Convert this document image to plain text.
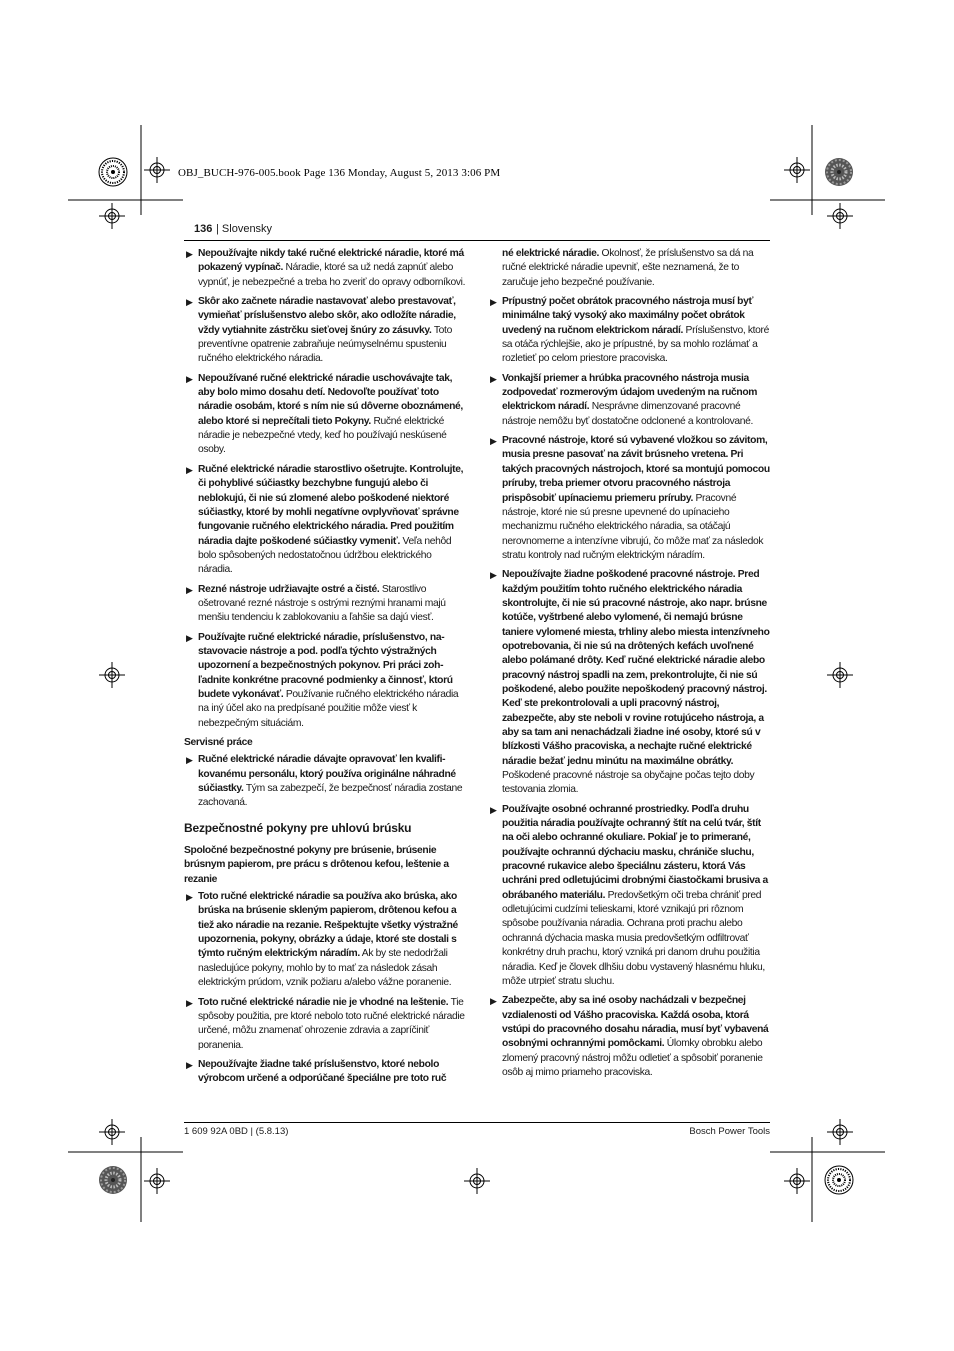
OBJ_BUCH-976-005.book Page 136 Monday, August 5, 2013 3:06 PM
136
| Slovensky
▶ Nepoužívajte nikdy také ručné elektrické náradie, ktoré má pokazený vypínač. Náradie, ktoré sa už nedá zapnúť alebo vypnúť, je nebezpečné a treba ho zveriť do opravy odborníkovi.
▶ Skôr ako začnete náradie nastavovať alebo prestavovať, vymieňať príslušenstvo alebo skôr, ako odložíte náradie, vždy vytiahnite zástrčku sieťovej šnúry zo zásuvky. Toto preventívne opatrenie zabraňuje neúmyselnému spusteniu ručného elektrického náradia.
▶ Nepoužívané ručné elektrické náradie uschovávajte tak, aby bolo mimo dosahu detí. Nedovoľte používať toto náradie osobám, ktoré s ním nie sú dôverne oboznámené, alebo ktoré si neprečítali tieto Pokyny. Ručné elektrické náradie je nebezpečné vtedy, keď ho používajú neskúsené osoby.
▶ Ručné elektrické náradie starostlivo ošetrujte. Kontrolujte, či pohyblivé súčiastky bezchybne fungujú alebo či neblokujú, či nie sú zlomené alebo poškodené niektoré súčiastky, ktoré by mohli negatívne ovplyvňovať správne fungovanie ručného elektrického náradia. Pred použitím náradia dajte poškodené súčiastky vymeniť. Veľa nehôd bolo spôsobených nedostatočnou údržbou elektrického náradia.
▶ Rezné nástroje udržiavajte ostré a čisté. Starostlivo ošetrované rezné nástroje s ostrými reznými hranami majú menšiu tendenciu k zablokovaniu a ľahšie sa dajú viesť.
▶ Používajte ručné elektrické náradie, príslušenstvo, nastavovacie nástroje a pod. podľa týchto výstražných upozornení a bezpečnostných pokynov. Pri práci zohľadnite konkrétne pracovné podmienky a činnosť, ktorú budete vykonávať. Používanie ručného elektrického náradia na iný účel ako na predpísané použitie môže viesť k nebezpečným situáciám.
Servisné práce
▶ Ručné elektrické náradie dávajte opravovať len kvalifikovanému personálu, ktorý používa originálne náhradné súčiastky. Tým sa zabezpečí, že bezpečnosť náradia zostane zachovaná.
Bezpečnostné pokyny pre uhlovú brúsku
Spoločné bezpečnostné pokyny pre brúsenie, brúsenie brúsnym papierom, pre prácu s drôtenou kefou, leštenie a rezanie
▶ Toto ručné elektrické náradie sa používa ako brúska, ako brúska na brúsenie skleným papierom, drôtenou kefou a tiež ako náradie na rezanie. Rešpektujte všetky výstražné upozornenia, pokyny, obrázky a údaje, ktoré ste dostali s týmto ručným elektrickým náradím. Ak by ste nedodržali nasledujúce pokyny, mohlo by to mať za následok zásah elektrickým prúdom, vznik požiaru a/alebo vážne poranenie.
▶ Toto ručné elektrické náradie nie je vhodné na leštenie. Tie spôsoby použitia, pre ktoré nebolo toto ručné elektrické náradie určené, môžu znamenať ohrozenie zdravia a zapríčiniť poranenia.
▶ Nepoužívajte žiadne také príslušenstvo, ktoré nebolo výrobcom určené a odporúčané špeciálne pre toto ruč
né elektrické náradie. Okolnosť, že príslušenstvo sa dá na ručné elektrické náradie upevniť, ešte neznamená, že to zaručuje jeho bezpečné používanie.
▶ Prípustný počet obrátok pracovného nástroja musí byť minimálne taký vysoký ako maximálny počet obrátok uvedený na ručnom elektrickom náradí. Príslušenstvo, ktoré sa otáča rýchlejšie, ako je prípustné, by sa mohlo rozlámať a rozletieť po celom priestore pracoviska.
▶ Vonkajší priemer a hrúbka pracovného nástroja musia zodpovedať rozmerovým údajom uvedeným na ručnom elektrickom náradí. Nesprávne dimenzované pracovné nástroje nemôžu byť dostatočne odclonené a kontrolované.
▶ Pracovné nástroje, ktoré sú vybavené vložkou so závitom, musia presne pasovať na závit brúsneho vretena. Pri takých pracovných nástrojoch, ktoré sa montujú pomocou príruby, treba priemer otvoru pracovného nástroja prispôsobiť upínaciemu priemeru príruby. Pracovné nástroje, ktoré nie sú presne upevnené do upínacieho mechanizmu ručného elektrického náradia, sa otáčajú nerovnomerne a intenzívne vibrujú, čo môže mať za následok stratu kontroly nad ručným elektrickým náradím.
▶ Nepoužívajte žiadne poškodené pracovné nástroje. Pred každým použitím tohto ručného elektrického náradia skontrolujte, či nie sú pracovné nástroje, ako napr. brúsne kotúče, vyštrbené alebo vylomené, či nemajú brúsne taniere vylomené miesta, trhliny alebo miesta intenzívneho opotrebovania, či nie sú na drôtených kefách uvoľnené alebo polámané drôty. Keď ručné elektrické náradie alebo pracovný nástroj spadli na zem, prekontrolujte, či nie sú poškodené, alebo použite nepoškodený pracovný nástroj. Keď ste prekontrolovali a upli pracovný nástroj, zabezpečte, aby ste neboli v rovine rotujúceho nástroja, a aby sa tam ani nenachádzali žiadne iné osoby, ktoré sú v blízkosti Vášho pracoviska, a nechajte ručné elektrické náradie bežať jednu minútu na maximálne obrátky. Poškodené pracovné nástroje sa obyčajne počas tejto doby testovania zlomia.
▶ Používajte osobné ochranné prostriedky. Podľa druhu použitia náradia používajte ochranný štít na celú tvár, štít na oči alebo ochranné okuliare. Pokiaľ je to primerané, používajte ochrannú dýchaciu masku, chrániče sluchu, pracovné rukavice alebo špeciálnu zásteru, ktorá Vás uchráni pred odletujúcimi drobnými čiastočkami brusiva a obrábaného materiálu. Predovšetkým oči treba chrániť pred odletujúcimi cudzími telieskami, ktoré vznikajú pri rôznom spôsobe používania náradia. Ochrana proti prachu alebo ochranná dýchacia maska musia predovšetkým odfiltrovať konkrétny druh prachu, ktorý vzniká pri danom druhu použitia náradia. Keď je človek dlhšiu dobu vystavený hlasnému hluku, môže utrpieť stratu sluchu.
▶ Zabezpečte, aby sa iné osoby nachádzali v bezpečnej vzdialenosti od Vášho pracoviska. Každá osoba, ktorá vstúpi do pracovného dosahu náradia, musí byť vybavená osobnými ochrannými pomôckami. Úlomky obrobku alebo zlomený pracovný nástroj môžu odletieť a spôsobiť poranenie osôb aj mimo priameho pracoviska.
1 609 92A 0BD | (5.8.13)	Bosch Power Tools
